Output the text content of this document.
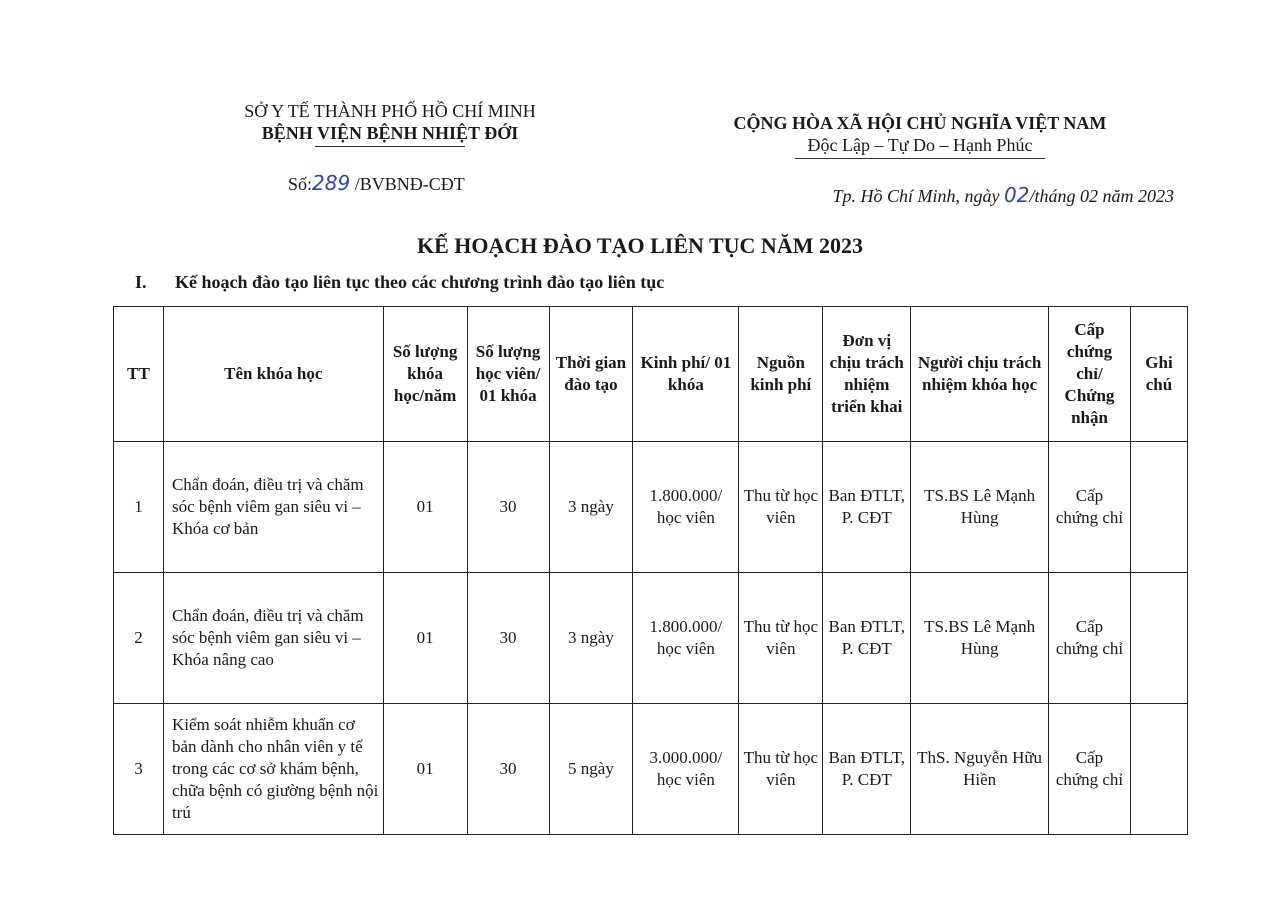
SỞ Y TẾ THÀNH PHỐ HỒ CHÍ MINH
BỆNH VIỆN BỆNH NHIỆT ĐỚI	CỘNG HÒA XÃ HỘI CHỦ NGHĨA VIỆT NAM
Độc Lập – Tự Do – Hạnh Phúc
Số:289 /BVBNĐ-CĐT
Tp. Hồ Chí Minh, ngày 02/tháng 02 năm 2023
KẾ HOẠCH ĐÀO TẠO LIÊN TỤC NĂM 2023
I. Kế hoạch đào tạo liên tục theo các chương trình đào tạo liên tục
TT	Tên khóa học	Số lượng khóa học/năm	Số lượng học viên/ 01 khóa	Thời gian đào tạo	Kinh phí/ 01 khóa	Nguồn kinh phí	Đơn vị chịu trách nhiệm triển khai	Người chịu trách nhiệm khóa học	Cấp chứng chỉ/ Chứng nhận	Ghi chú
1	Chẩn đoán, điều trị và chăm sóc bệnh viêm gan siêu vi – Khóa cơ bản	01	30	3 ngày	1.800.000/ học viên	Thu từ học viên	Ban ĐTLT, P. CĐT	TS.BS Lê Mạnh Hùng	Cấp chứng chỉ	
2	Chẩn đoán, điều trị và chăm sóc bệnh viêm gan siêu vi – Khóa nâng cao	01	30	3 ngày	1.800.000/ học viên	Thu từ học viên	Ban ĐTLT, P. CĐT	TS.BS Lê Mạnh Hùng	Cấp chứng chỉ	
3	Kiểm soát nhiễm khuẩn cơ bản dành cho nhân viên y tế trong các cơ sở khám bệnh, chữa bệnh có giường bệnh nội trú	01	30	5 ngày	3.000.000/ học viên	Thu từ học viên	Ban ĐTLT, P. CĐT	ThS. Nguyễn Hữu Hiền	Cấp chứng chỉ	
